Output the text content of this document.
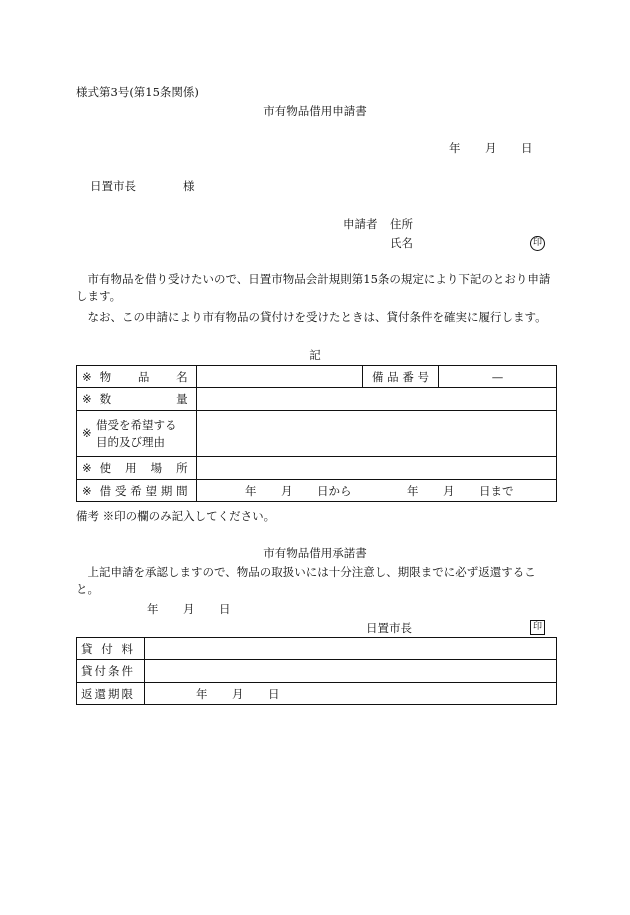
様式第3号(第15条関係)
市有物品借用申請書
年 月 日
日置市長	様
申請者 住所
氏名	印
市有物品を借り受けたいので、日置市物品会計規則第15条の規定により下記のとおり申請します。
なお、この申請により市有物品の貸付けを受けたときは、貸付条件を確実に履行します。
記
※ 物 品 名		備 品 番 号	—
※ 数 量			
※
借受を希望する
目的及び理由			

※ 使 用 場 所			
※ 借 受 希 望 期 間	年 月 日から 年 月 日まで		
備考 ※印の欄のみ記入してください。
市有物品借用承諾書
上記申請を承認しますので、物品の取扱いには十分注意し、期限までに必ず返還すること。
年 月 日
日置市長	印
貸 付 料	
貸付条件	
返還期限	年 月 日
